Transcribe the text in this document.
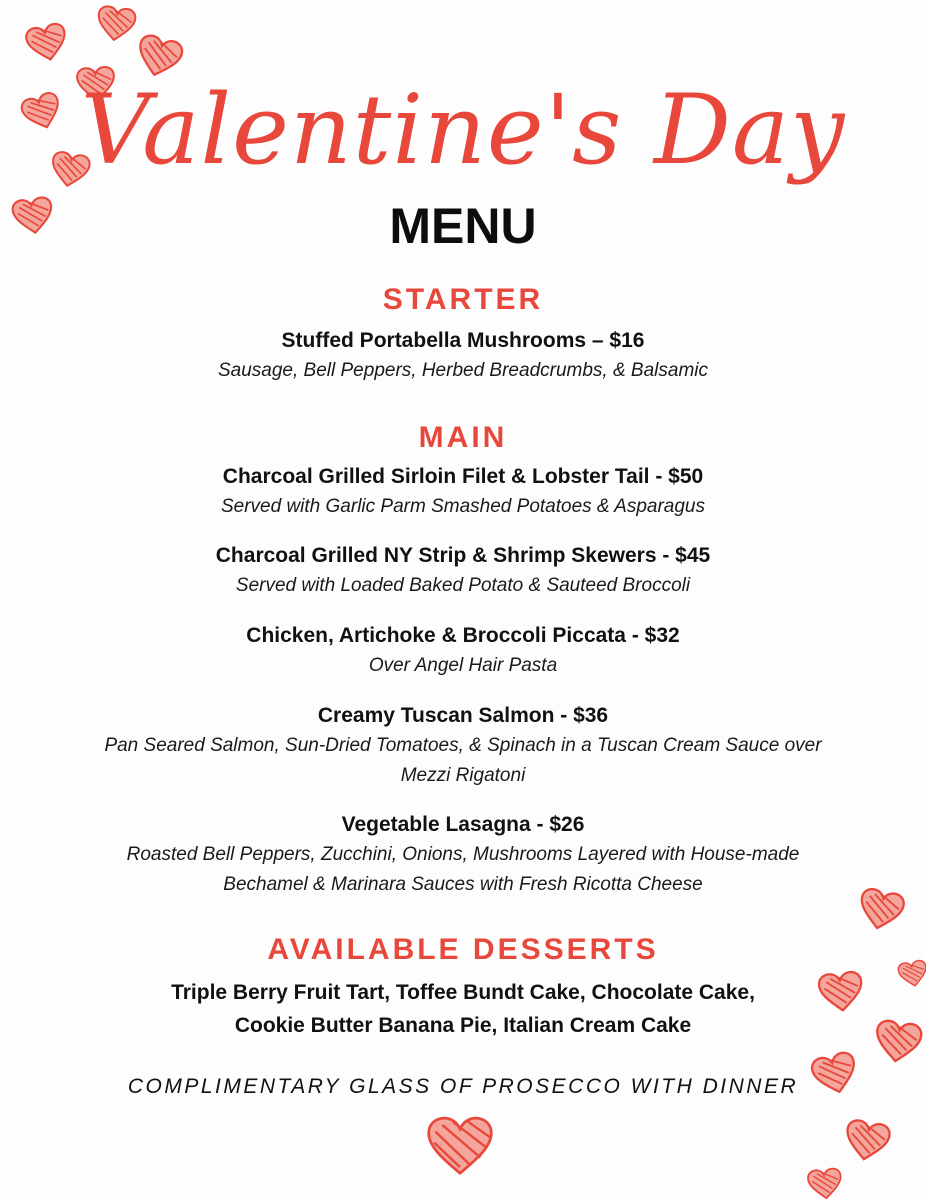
Valentine's Day
MENU
STARTER
Stuffed Portabella Mushrooms – $16
Sausage, Bell Peppers, Herbed Breadcrumbs, & Balsamic
MAIN
Charcoal Grilled Sirloin Filet & Lobster Tail - $50
Served with Garlic Parm Smashed Potatoes & Asparagus
Charcoal Grilled NY Strip & Shrimp Skewers - $45
Served with Loaded Baked Potato & Sauteed Broccoli
Chicken, Artichoke & Broccoli Piccata - $32
Over Angel Hair Pasta
Creamy Tuscan Salmon - $36
Pan Seared Salmon, Sun-Dried Tomatoes, & Spinach in a Tuscan Cream Sauce over Mezzi Rigatoni
Vegetable Lasagna - $26
Roasted Bell Peppers, Zucchini, Onions, Mushrooms Layered with House-made Bechamel & Marinara Sauces with Fresh Ricotta Cheese
AVAILABLE DESSERTS
Triple Berry Fruit Tart, Toffee Bundt Cake, Chocolate Cake,
Cookie Butter Banana Pie, Italian Cream Cake
COMPLIMENTARY GLASS OF PROSECCO WITH DINNER
